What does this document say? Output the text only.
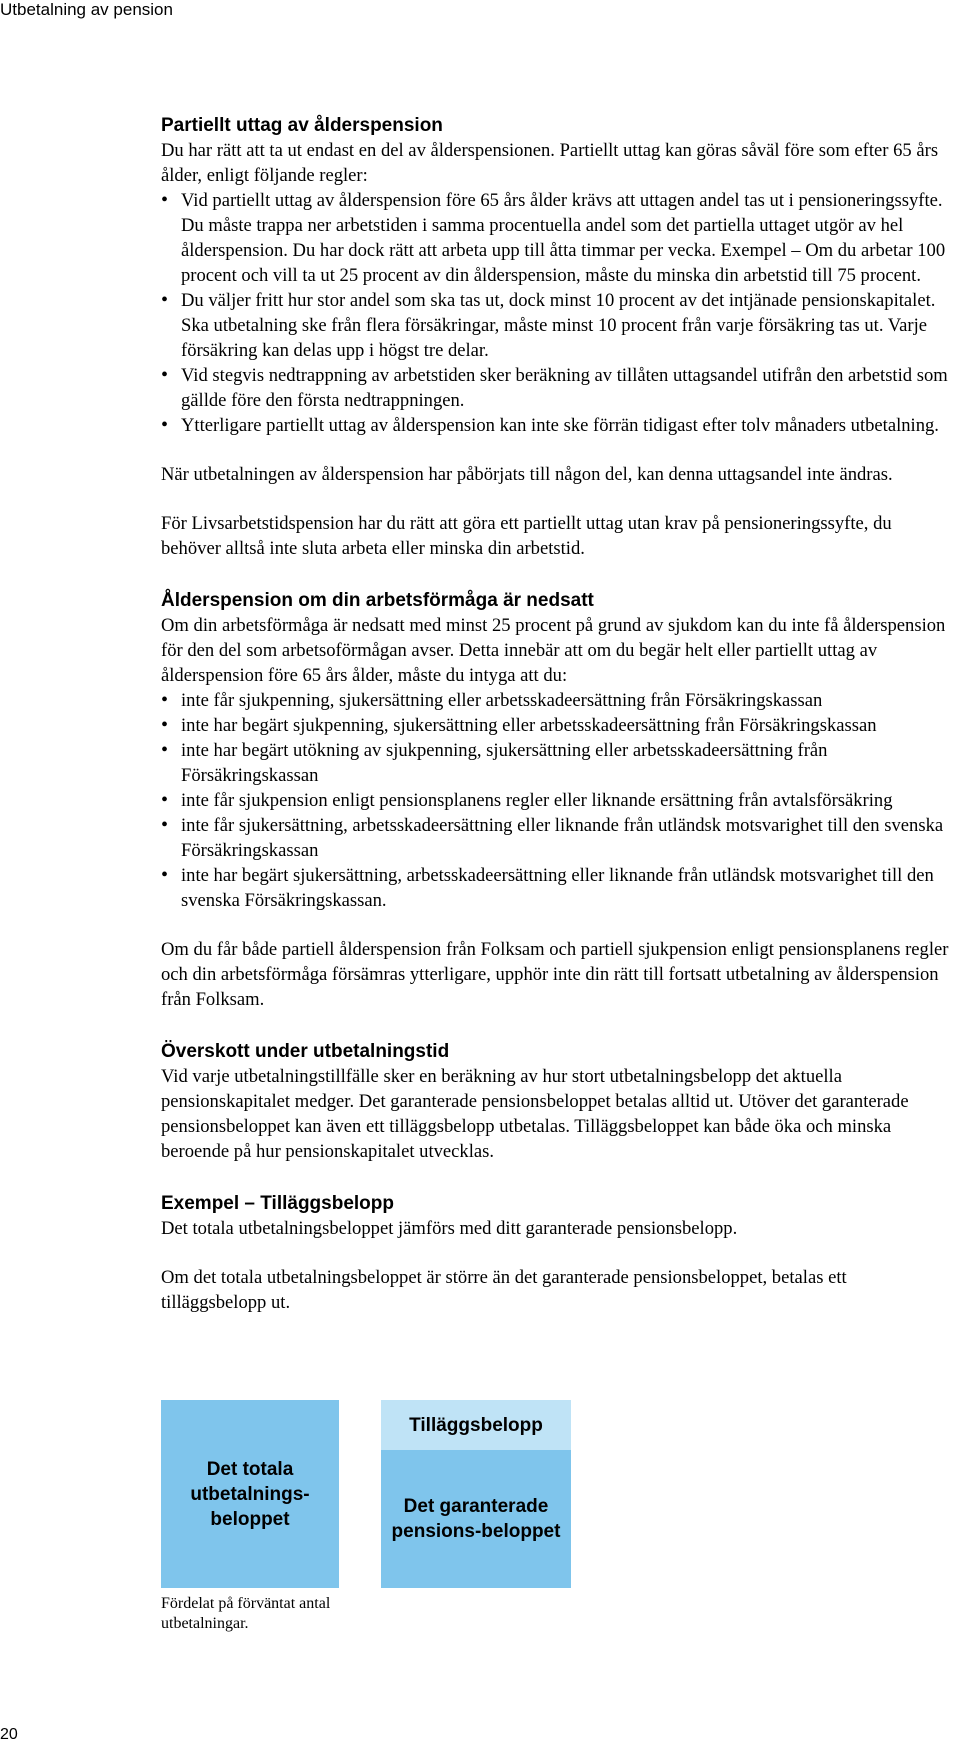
Utbetalning av pension
Partiellt uttag av ålderspension

Du har rätt att ta ut endast en del av ålderspensionen. Partiellt uttag kan göras såväl före som efter 65 års ålder, enligt följande regler:

• Vid partiellt uttag av ålderspension före 65 års ålder krävs att uttagen andel tas ut i pensioneringssyfte. Du måste trappa ner arbetstiden i samma procentuella andel som det partiella uttaget utgör av hel ålderspension. Du har dock rätt att arbeta upp till åtta timmar per vecka. Exempel – Om du arbetar 100 procent och vill ta ut 25 procent av din ålderspension, måste du minska din arbetstid till 75 procent.
• Du väljer fritt hur stor andel som ska tas ut, dock minst 10 procent av det intjänade pensionskapitalet. Ska utbetalning ske från flera försäkringar, måste minst 10 procent från varje försäkring tas ut. Varje försäkring kan delas upp i högst tre delar.
• Vid stegvis nedtrappning av arbetstiden sker beräkning av tillåten uttagsandel utifrån den arbetstid som gällde före den första nedtrappningen.
• Ytterligare partiellt uttag av ålderspension kan inte ske förrän tidigast efter tolv månaders utbetalning.

När utbetalningen av ålderspension har påbörjats till någon del, kan denna uttagsandel inte ändras.

För Livsarbetstidspension har du rätt att göra ett partiellt uttag utan krav på pensioneringssyfte, du behöver alltså inte sluta arbeta eller minska din arbetstid.

Ålderspension om din arbetsförmåga är nedsatt

Om din arbetsförmåga är nedsatt med minst 25 procent på grund av sjukdom kan du inte få ålderspension för den del som arbetsoförmågan avser. Detta innebär att om du begär helt eller partiellt uttag av ålderspension före 65 års ålder, måste du intyga att du:

• inte får sjukpenning, sjukersättning eller arbetsskadeersättning från Försäkringskassan
• inte har begärt sjukpenning, sjukersättning eller arbetsskadeersättning från Försäkringskassan
• inte har begärt utökning av sjukpenning, sjukersättning eller arbetsskadeersättning från Försäkringskassan
• inte får sjukpension enligt pensionsplanens regler eller liknande ersättning från avtalsförsäkring
• inte får sjukersättning, arbetsskadeersättning eller liknande från utländsk motsvarighet till den svenska Försäkringskassan
• inte har begärt sjukersättning, arbetsskadeersättning eller liknande från utländsk motsvarighet till den svenska Försäkringskassan.

Om du får både partiell ålderspension från Folksam och partiell sjukpension enligt pensionsplanens regler och din arbetsförmåga försämras ytterligare, upphör inte din rätt till fortsatt utbetalning av ålderspension från Folksam.

Överskott under utbetalningstid

Vid varje utbetalningstillfälle sker en beräkning av hur stort utbetalningsbelopp det aktuella pensionskapitalet medger. Det garanterade pensionsbeloppet betalas alltid ut. Utöver det garanterade pensionsbeloppet kan även ett tilläggsbelopp utbetalas. Tilläggsbeloppet kan både öka och minska beroende på hur pensionskapitalet utvecklas.

Exempel – Tilläggsbelopp

Det totala utbetalningsbeloppet jämförs med ditt garanterade pensionsbelopp.

Om det totala utbetalningsbeloppet är större än det garanterade pensionsbeloppet, betalas ett tilläggsbelopp ut.

Det totala utbetalnings-beloppet
Tilläggsbelopp
Det garanterade pensions-beloppet
Fördelat på förväntat antal utbetalningar.
20
